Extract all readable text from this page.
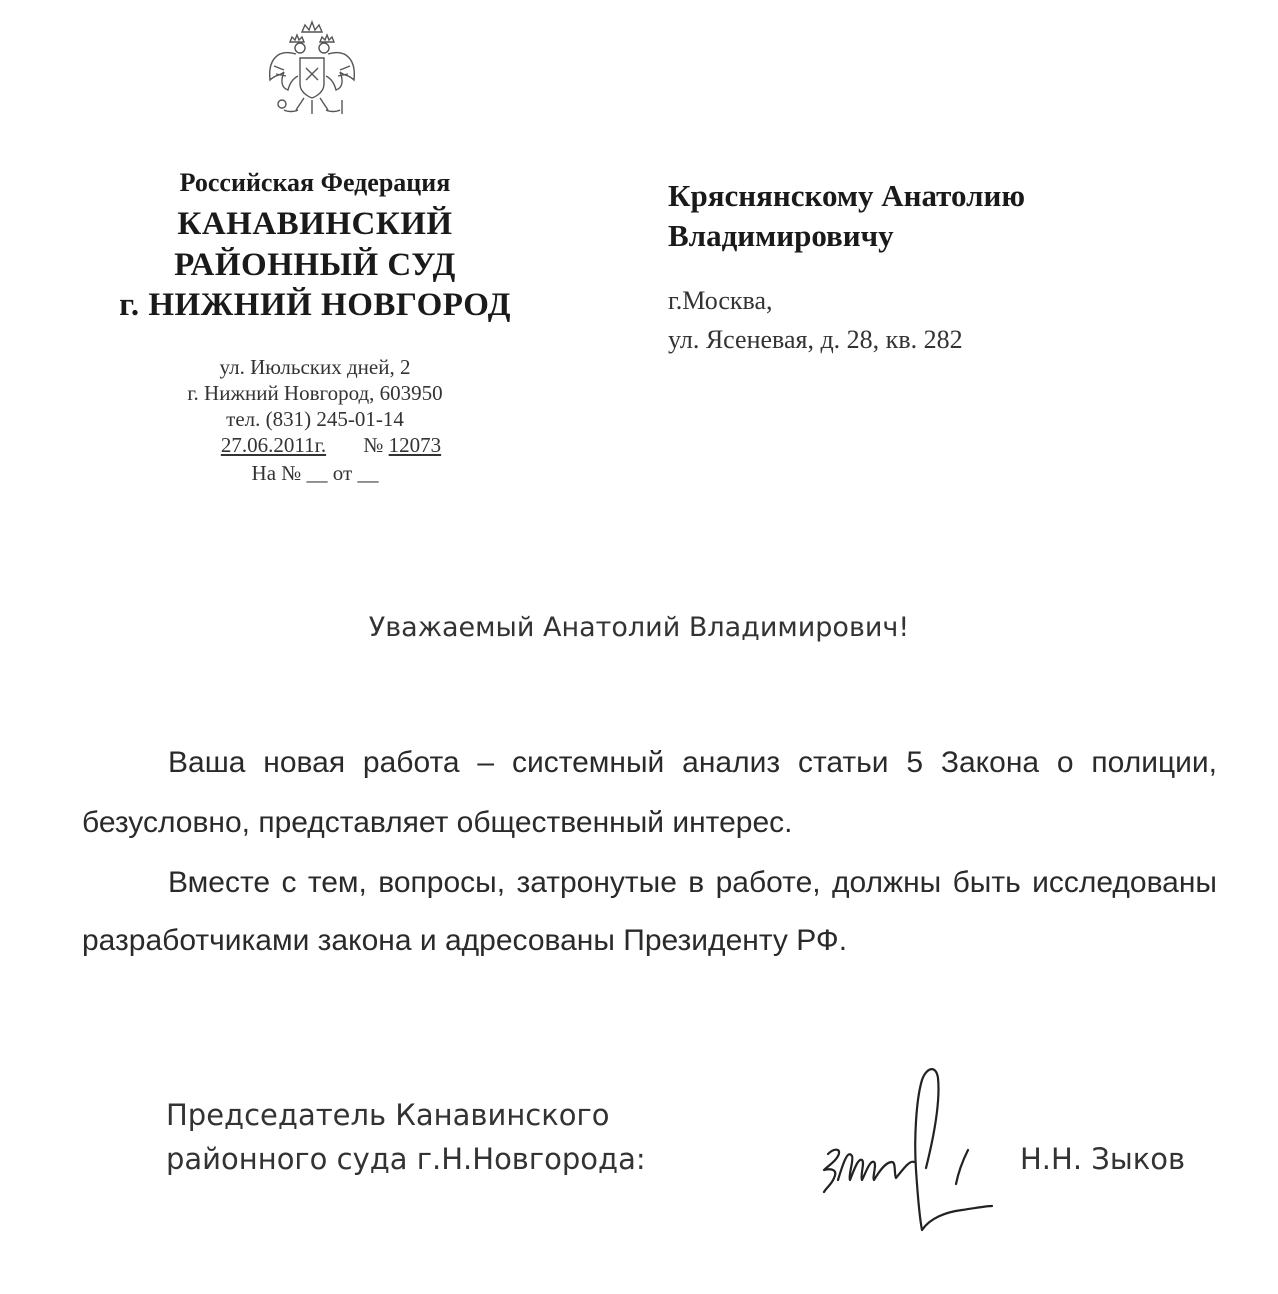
Российская Федерация
КАНАВИНСКИЙ
РАЙОННЫЙ СУД
г. НИЖНИЙ НОВГОРОД
ул. Июльских дней, 2
г. Нижний Новгород, 603950
тел. (831) 245-01-14
27.06.2011г. № 12073
На № __ от __
Кряснянскому Анатолию
Владимировичу
г.Москва,
ул. Ясеневая, д. 28, кв. 282
Уважаемый Анатолий Владимирович!
Ваша новая работа – системный анализ статьи 5 Закона о полиции,
безусловно, представляет общественный интерес.
Вместе с тем, вопросы, затронутые в работе, должны быть исследованы
разработчиками закона и адресованы Президенту РФ.
Председатель Канавинского
районного суда г.Н.Новгорода:	Н.Н. Зыков
